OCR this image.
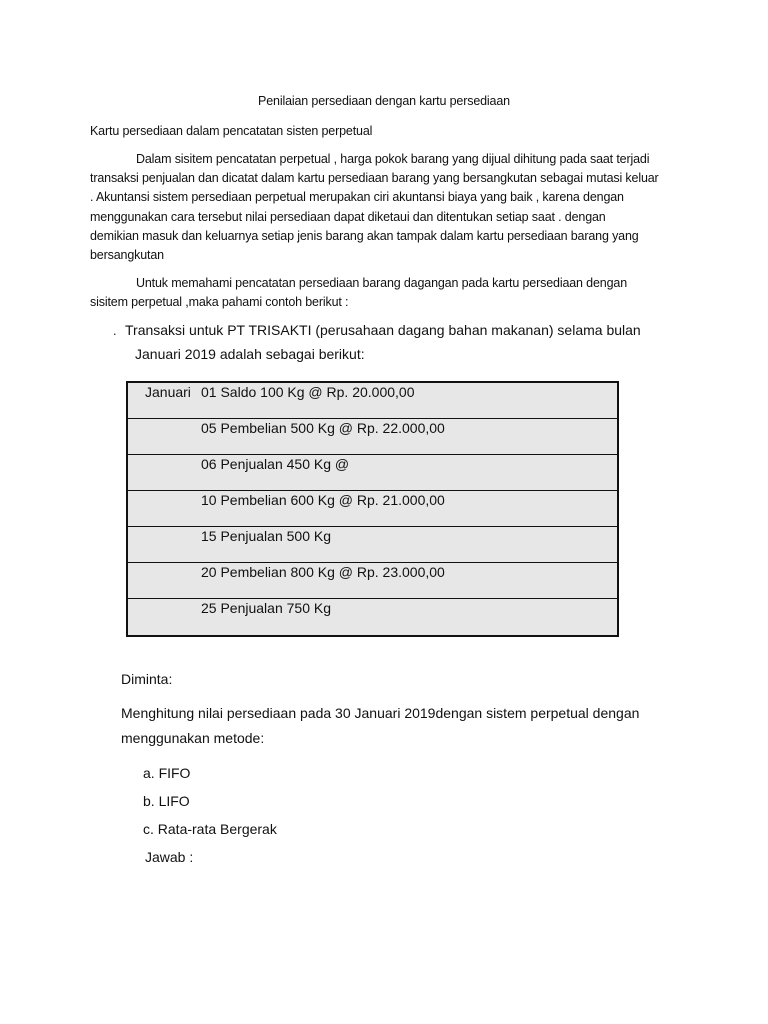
Penilaian persediaan dengan kartu persediaan
Kartu persediaan dalam pencatatan sisten perpetual

Dalam sisitem pencatatan perpetual , harga pokok barang yang dijual dihitung pada saat terjadi
transaksi penjualan dan dicatat dalam kartu persediaan barang yang bersangkutan sebagai mutasi keluar
. Akuntansi sistem persediaan perpetual merupakan ciri akuntansi biaya yang baik , karena dengan
menggunakan cara tersebut nilai persediaan dapat diketaui dan ditentukan setiap saat . dengan
demikian masuk dan keluarnya setiap jenis barang akan tampak dalam kartu persediaan barang yang
bersangkutan

Untuk memahami pencatatan persediaan barang dagangan pada kartu persediaan dengan
sisitem perpetual ,maka pahami contoh berikut :

. Transaksi untuk PT TRISAKTI (perusahaan dagang bahan makanan) selama bulan
Januari 2019 adalah sebagai berikut:
Januari 01 Saldo 100 Kg @ Rp. 20.000,00
05 Pembelian 500 Kg @ Rp. 22.000,00
06 Penjualan 450 Kg @
10 Pembelian 600 Kg @ Rp. 21.000,00
15 Penjualan 500 Kg
20 Pembelian 800 Kg @ Rp. 23.000,00
25 Penjualan 750 Kg
Diminta:
Menghitung nilai persediaan pada 30 Januari 2019dengan sistem perpetual dengan
menggunakan metode:
a. FIFO
b. LIFO
c. Rata-rata Bergerak
Jawab :
